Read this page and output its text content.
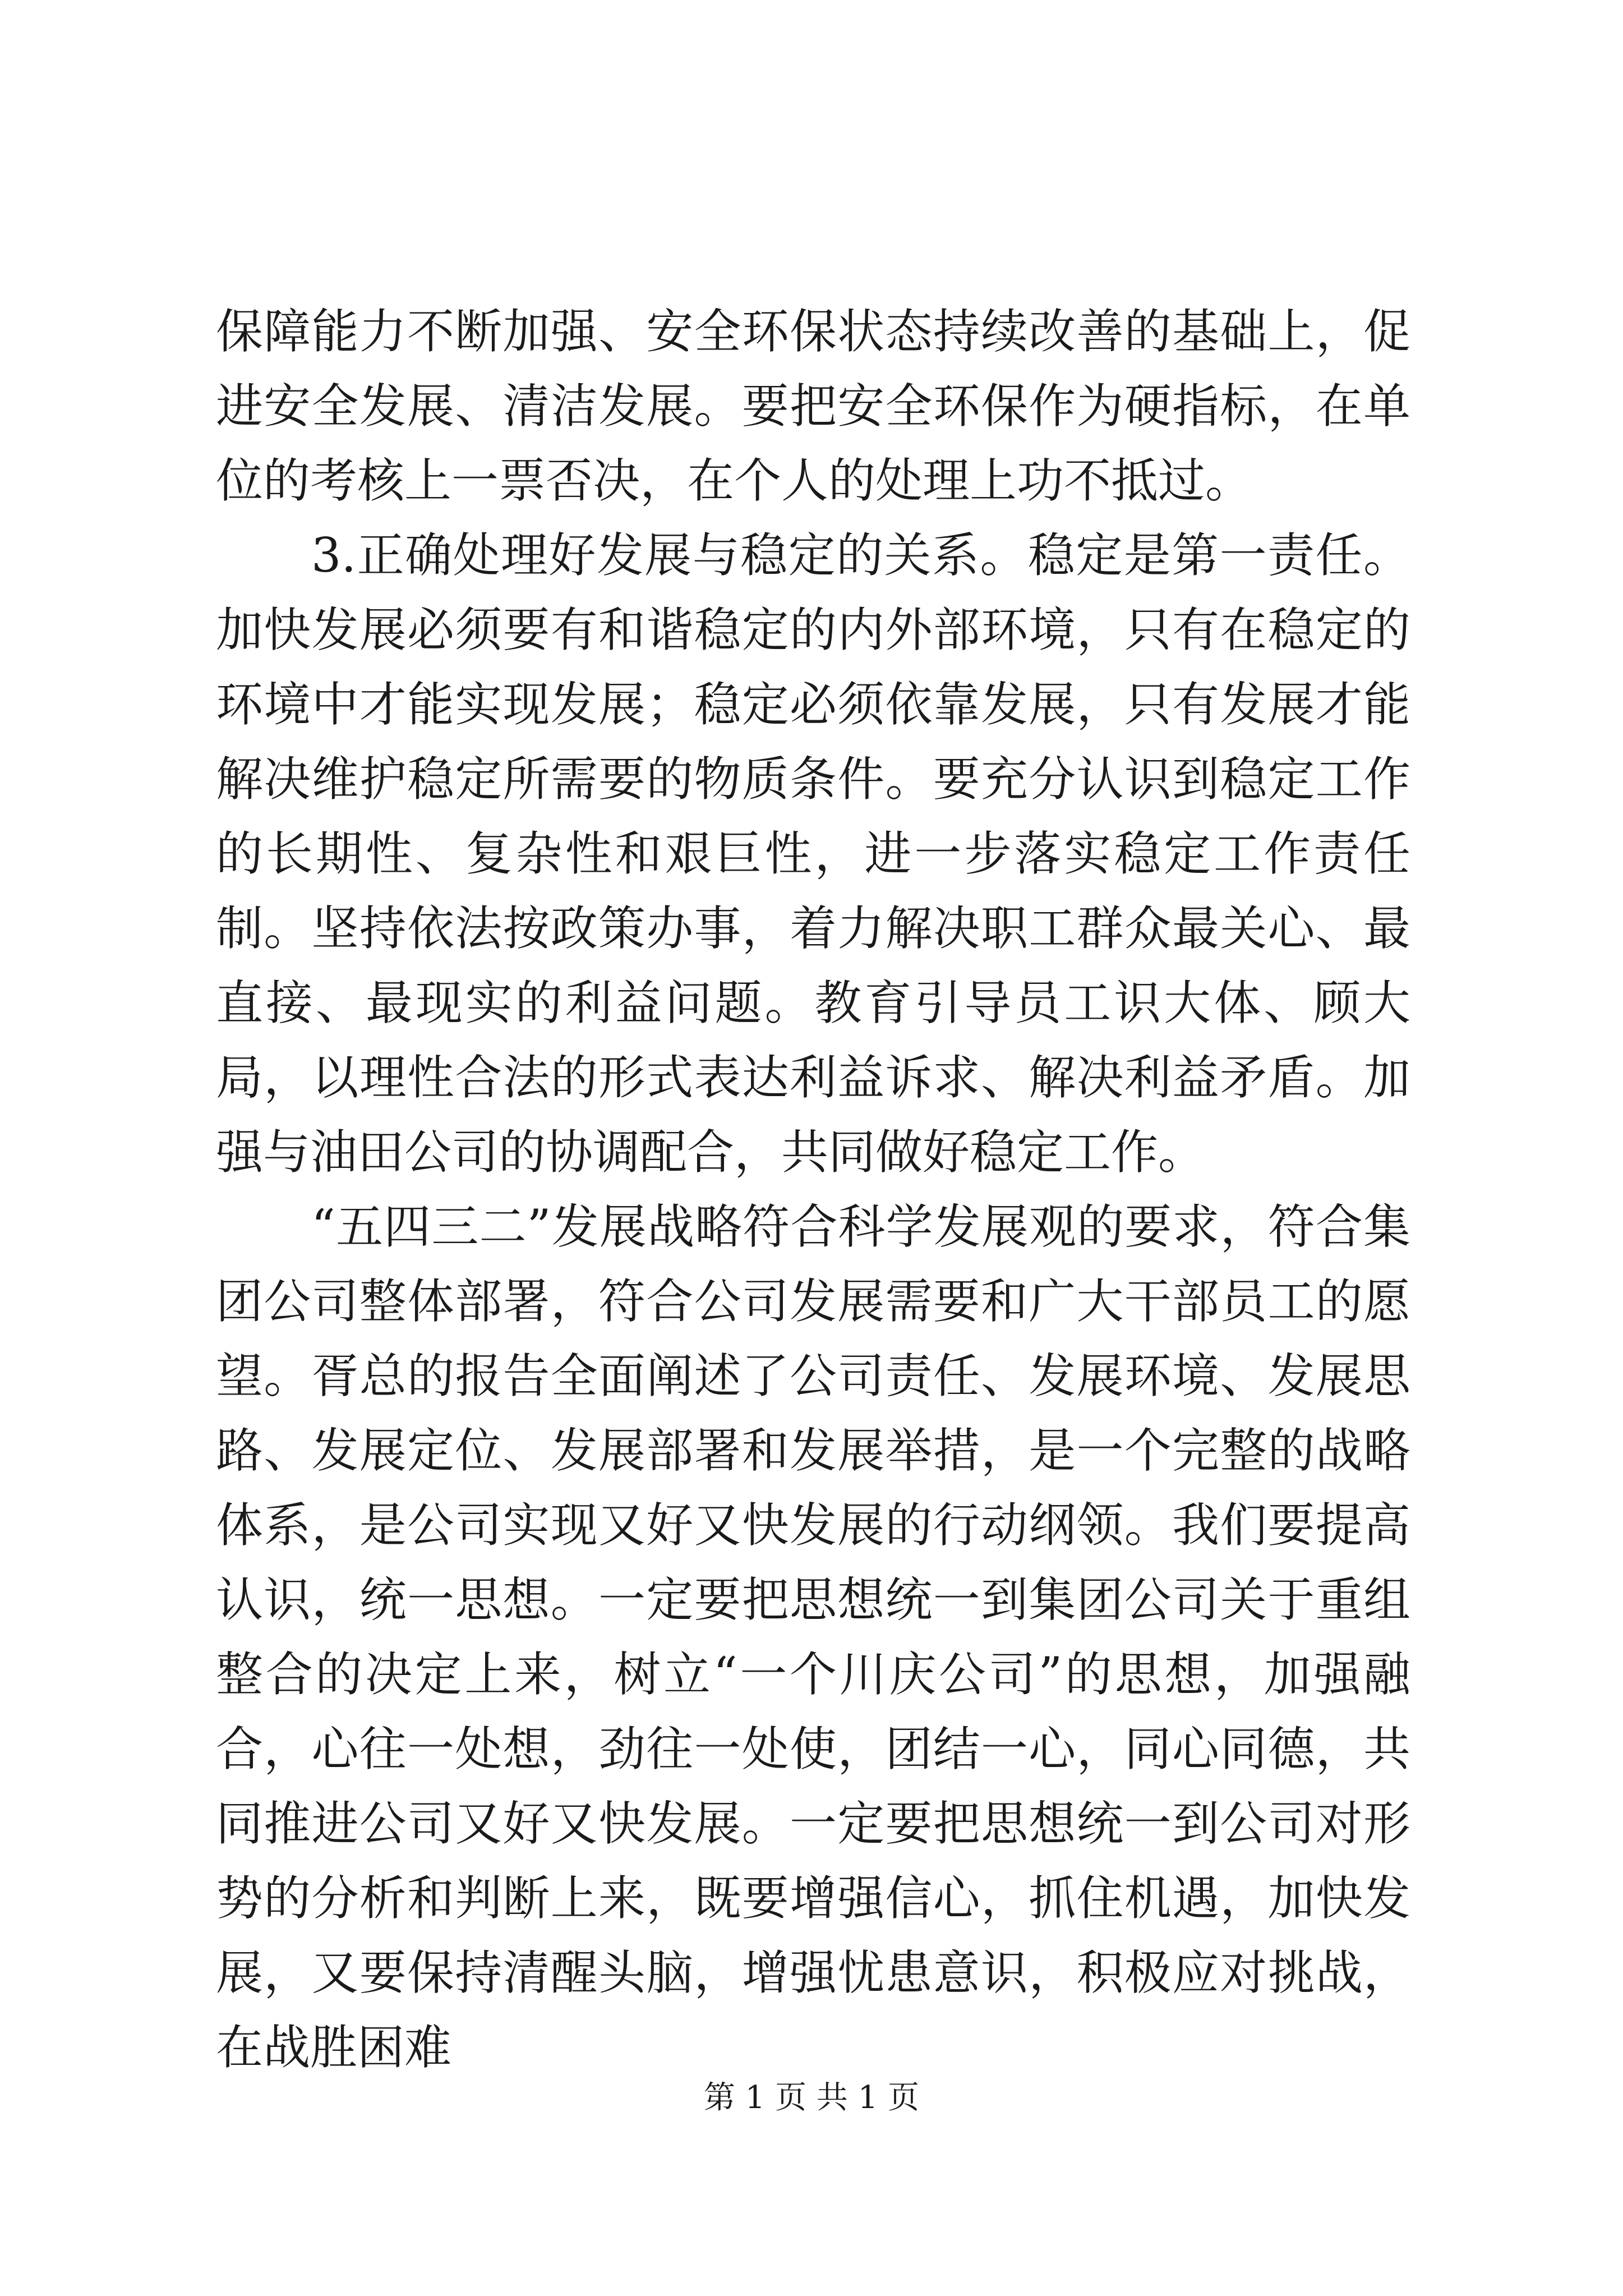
保障能力不断加强、安全环保状态持续改善的基础上，促进安全发展、清洁发展。要把安全环保作为硬指标，在单位的考核上一票否决，在个人的处理上功不抵过。

3.正确处理好发展与稳定的关系。稳定是第一责任。加快发展必须要有和谐稳定的内外部环境，只有在稳定的环境中才能实现发展；稳定必须依靠发展，只有发展才能解决维护稳定所需要的物质条件。要充分认识到稳定工作的长期性、复杂性和艰巨性，进一步落实稳定工作责任制。坚持依法按政策办事，着力解决职工群众最关心、最直接、最现实的利益问题。教育引导员工识大体、顾大局，以理性合法的形式表达利益诉求、解决利益矛盾。加强与油田公司的协调配合，共同做好稳定工作。

“五四三二”发展战略符合科学发展观的要求，符合集团公司整体部署，符合公司发展需要和广大干部员工的愿望。胥总的报告全面阐述了公司责任、发展环境、发展思路、发展定位、发展部署和发展举措，是一个完整的战略体系，是公司实现又好又快发展的行动纲领。我们要提高认识，统一思想。一定要把思想统一到集团公司关于重组整合的决定上来，树立“一个川庆公司”的思想，加强融合，心往一处想，劲往一处使，团结一心，同心同德，共同推进公司又好又快发展。一定要把思想统一到公司对形势的分析和判断上来，既要增强信心，抓住机遇，加快发展，又要保持清醒头脑，增强忧患意识，积极应对挑战，在战胜困难

第 1 页 共 1 页
